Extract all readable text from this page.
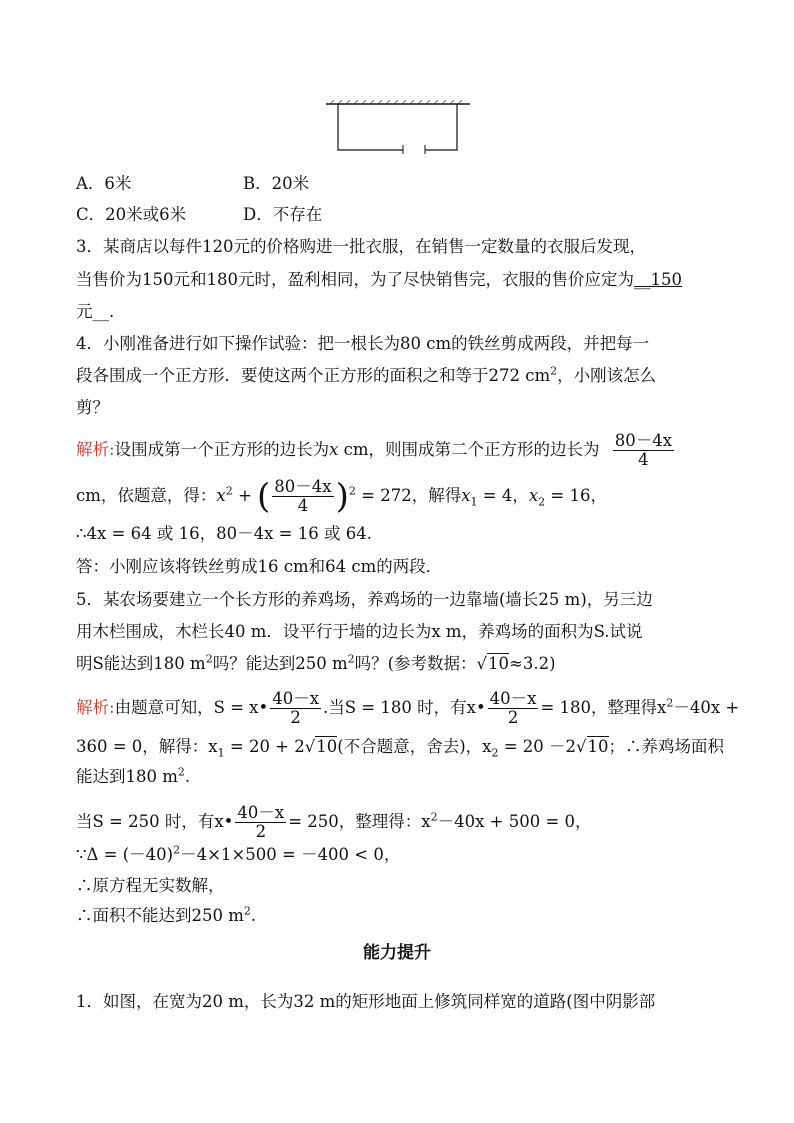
A．6米	B．20米
C．20米或6米	D．不存在
3．某商店以每件120元的价格购进一批衣服，在销售一定数量的衣服后发现，
当售价为150元和180元时，盈利相同，为了尽快销售完，衣服的售价应定为__150
元__.
4．小刚准备进行如下操作试验：把一根长为80 cm的铁丝剪成两段，并把每一
段各围成一个正方形．要使这两个正方形的面积之和等于272 $cm^2$，小刚该怎么
剪？
解析:设围成第一个正方形的边长为x cm，则围成第二个正方形的边长为 $\frac{80-4x}{4}$
cm，依题意，得：$x^2$ + ( $\frac{80-4x}{4} )^2 = 272$，解得$x_1 = 4$，$x_2 = 16$，
∴4x = 64 或 16，80－4x = 16 或 64.
答：小刚应该将铁丝剪成16 cm和64 cm的两段．
5．某农场要建立一个长方形的养鸡场，养鸡场的一边靠墙(墙长25 m)，另三边
用木栏围成，木栏长40 m．设平行于墙的边长为x m，养鸡场的面积为S.试说
明S能达到180 $m^2$吗？能达到250 $m^2$吗？(参考数据：√10≈3.2)
解析:由题意可知，S = x• $\frac{40-x}{2}$ .当S = 180 时，有x• $\frac{40-x}{2} = 180$，整理得$x^2-40x$ +
360 = 0，解得：$x_1 = 20 + 2√10$(不合题意，舍去)，$x_2 = 20 -2√10$；∴养鸡场面积
能达到180 $m^2$.
当S = 250 时，有x• $\frac{40-x}{2} = 250$，整理得：$x^2-40x + 500 = 0$，
∵Δ = $(-40)^2-4\times 1\times 500 = -400 < 0$，
∴原方程无实数解，
∴面积不能达到250 $m^2$.
能力提升
1．如图，在宽为20 m，长为32 m的矩形地面上修筑同样宽的道路(图中阴影部
